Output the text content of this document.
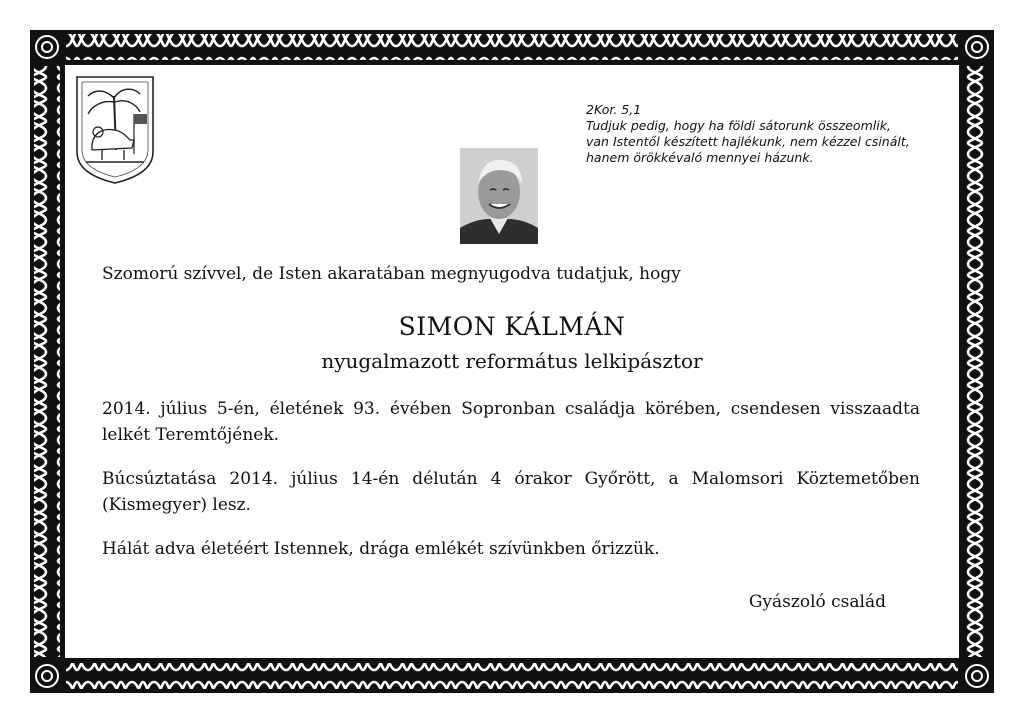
2Kor. 5,1
Tudjuk pedig, hogy ha földi sátorunk összeomlik,
van Istentől készített hajlékunk, nem kézzel csinált,
hanem örökkévaló mennyei házunk.
Szomorú szívvel, de Isten akaratában megnyugodva tudatjuk, hogy
SIMON KÁLMÁN
nyugalmazott református lelkipásztor

2014. július 5-én, életének 93. évében Sopronban családja körében, csendesen visszaadta lelkét Teremtőjének.

Búcsúztatása 2014. július 14-én délután 4 órakor Győrött, a Malomsori Köztemetőben (Kismegyer) lesz.

Hálát adva életéért Istennek, drága emlékét szívünkben őrizzük.

Gyászoló család
